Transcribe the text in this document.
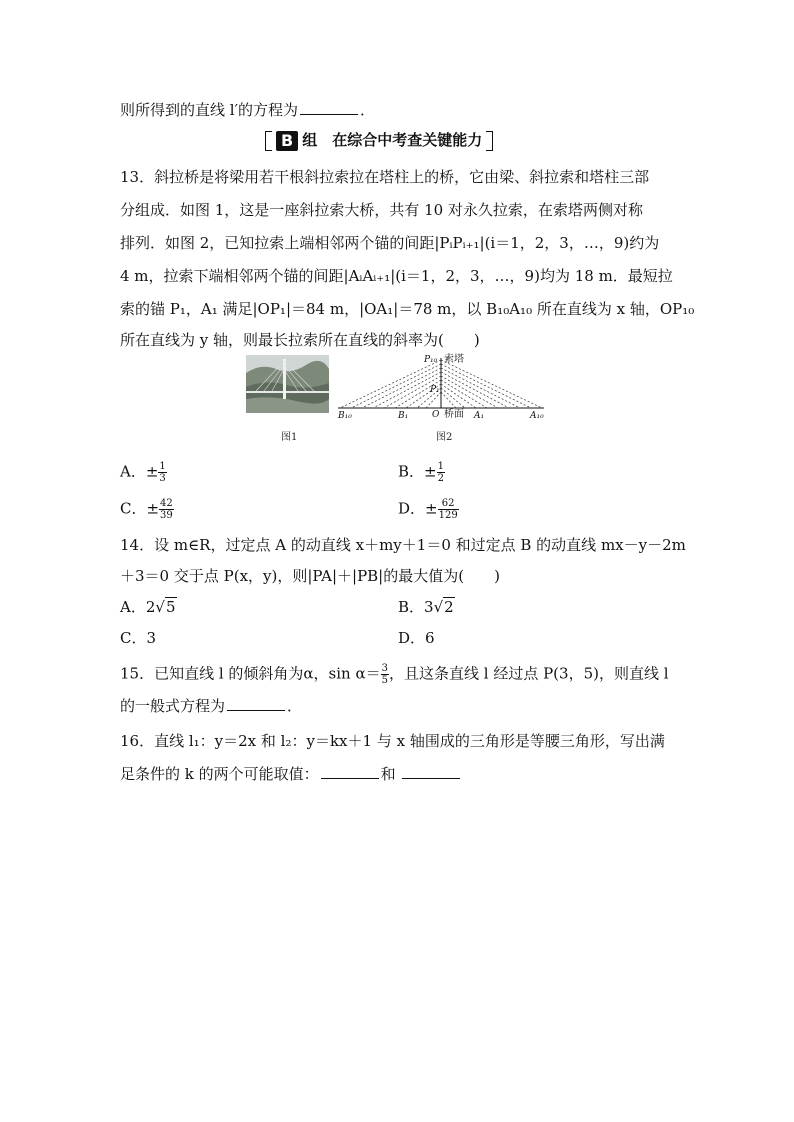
则所得到的直线 l′的方程为	．
B 组　在综合中考查关键能力
13．斜拉桥是将梁用若干根斜拉索拉在塔柱上的桥，它由梁、斜拉索和塔柱三部
分组成．如图 1，这是一座斜拉索大桥，共有 10 对永久拉索，在索塔两侧对称
排列．如图 2，已知拉索上端相邻两个锚的间距|PᵢPᵢ₊₁|(i＝1，2，3，…，9)约为
4 m，拉索下端相邻两个锚的间距|AᵢAᵢ₊₁|(i＝1，2，3，…，9)均为 18 m．最短拉
索的锚 P₁，A₁ 满足|OP₁|＝84 m，|OA₁|＝78 m，以 B₁₀A₁₀ 所在直线为 x 轴，OP₁₀
所在直线为 y 轴，则最长拉索所在直线的斜率为(　　)
图1
P₁₀ 索塔
P₁
O 桥面 A₁	A₁₀
B₁
B₁₀
图2
A．± $\frac{1}{3}$	B．± $\frac{1}{2}$
C．± $\frac{42}{39}$	D．± $\frac{62}{129}$
14．设 m∈R，过定点 A 的动直线 x＋my＋1＝0 和过定点 B 的动直线 mx－y－2m
＋3＝0 交于点 P(x，y)，则|PA|＋|PB|的最大值为(　　)
A．2√5	B．3√2
C．3	D．6
15．已知直线 l 的倾斜角为α，$\sin \alpha= \frac{3}{5}$ ，且这条直线 l 经过点 P(3，5)，则直线 l
的一般式方程为	．
16．直线 l₁：y＝2x 和 l₂：y＝kx＋1 与 x 轴围成的三角形是等腰三角形，写出满
足条件的 k 的两个可能取值：	和
